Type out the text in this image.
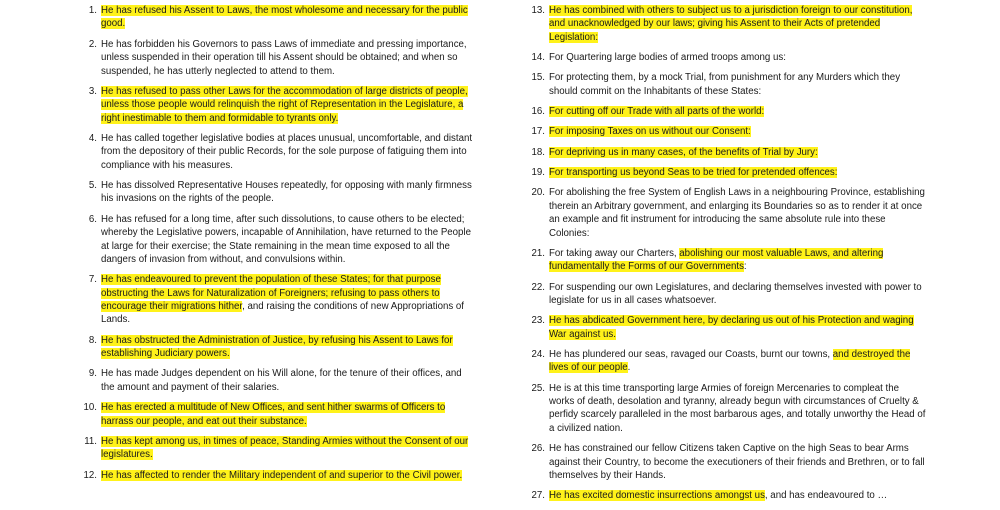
1. He has refused his Assent to Laws, the most wholesome and necessary for the public good.
2. He has forbidden his Governors to pass Laws of immediate and pressing importance, unless suspended in their operation till his Assent should be obtained; and when so suspended, he has utterly neglected to attend to them.
3. He has refused to pass other Laws for the accommodation of large districts of people, unless those people would relinquish the right of Representation in the Legislature, a right inestimable to them and formidable to tyrants only.
4. He has called together legislative bodies at places unusual, uncomfortable, and distant from the depository of their public Records, for the sole purpose of fatiguing them into compliance with his measures.
5. He has dissolved Representative Houses repeatedly, for opposing with manly firmness his invasions on the rights of the people.
6. He has refused for a long time, after such dissolutions, to cause others to be elected; whereby the Legislative powers, incapable of Annihilation, have returned to the People at large for their exercise; the State remaining in the mean time exposed to all the dangers of invasion from without, and convulsions within.
7. He has endeavoured to prevent the population of these States; for that purpose obstructing the Laws for Naturalization of Foreigners; refusing to pass others to encourage their migrations hither, and raising the conditions of new Appropriations of Lands.
8. He has obstructed the Administration of Justice, by refusing his Assent to Laws for establishing Judiciary powers.
9. He has made Judges dependent on his Will alone, for the tenure of their offices, and the amount and payment of their salaries.
10. He has erected a multitude of New Offices, and sent hither swarms of Officers to harrass our people, and eat out their substance.
11. He has kept among us, in times of peace, Standing Armies without the Consent of our legislatures.
12. He has affected to render the Military independent of and superior to the Civil power.
13. He has combined with others to subject us to a jurisdiction foreign to our constitution, and unacknowledged by our laws; giving his Assent to their Acts of pretended Legislation:
14. For Quartering large bodies of armed troops among us:
15. For protecting them, by a mock Trial, from punishment for any Murders which they should commit on the Inhabitants of these States:
16. For cutting off our Trade with all parts of the world:
17. For imposing Taxes on us without our Consent:
18. For depriving us in many cases, of the benefits of Trial by Jury:
19. For transporting us beyond Seas to be tried for pretended offences:
20. For abolishing the free System of English Laws in a neighbouring Province, establishing therein an Arbitrary government, and enlarging its Boundaries so as to render it at once an example and fit instrument for introducing the same absolute rule into these Colonies:
21. For taking away our Charters, abolishing our most valuable Laws, and altering fundamentally the Forms of our Governments:
22. For suspending our own Legislatures, and declaring themselves invested with power to legislate for us in all cases whatsoever.
23. He has abdicated Government here, by declaring us out of his Protection and waging War against us.
24. He has plundered our seas, ravaged our Coasts, burnt our towns, and destroyed the lives of our people.
25. He is at this time transporting large Armies of foreign Mercenaries to compleat the works of death, desolation and tyranny, already begun with circumstances of Cruelty & perfidy scarcely paralleled in the most barbarous ages, and totally unworthy the Head of a civilized nation.
26. He has constrained our fellow Citizens taken Captive on the high Seas to bear Arms against their Country, to become the executioners of their friends and Brethren, or to fall themselves by their Hands.
27. He has excited domestic insurrections amongst us, and has endeavoured to …
